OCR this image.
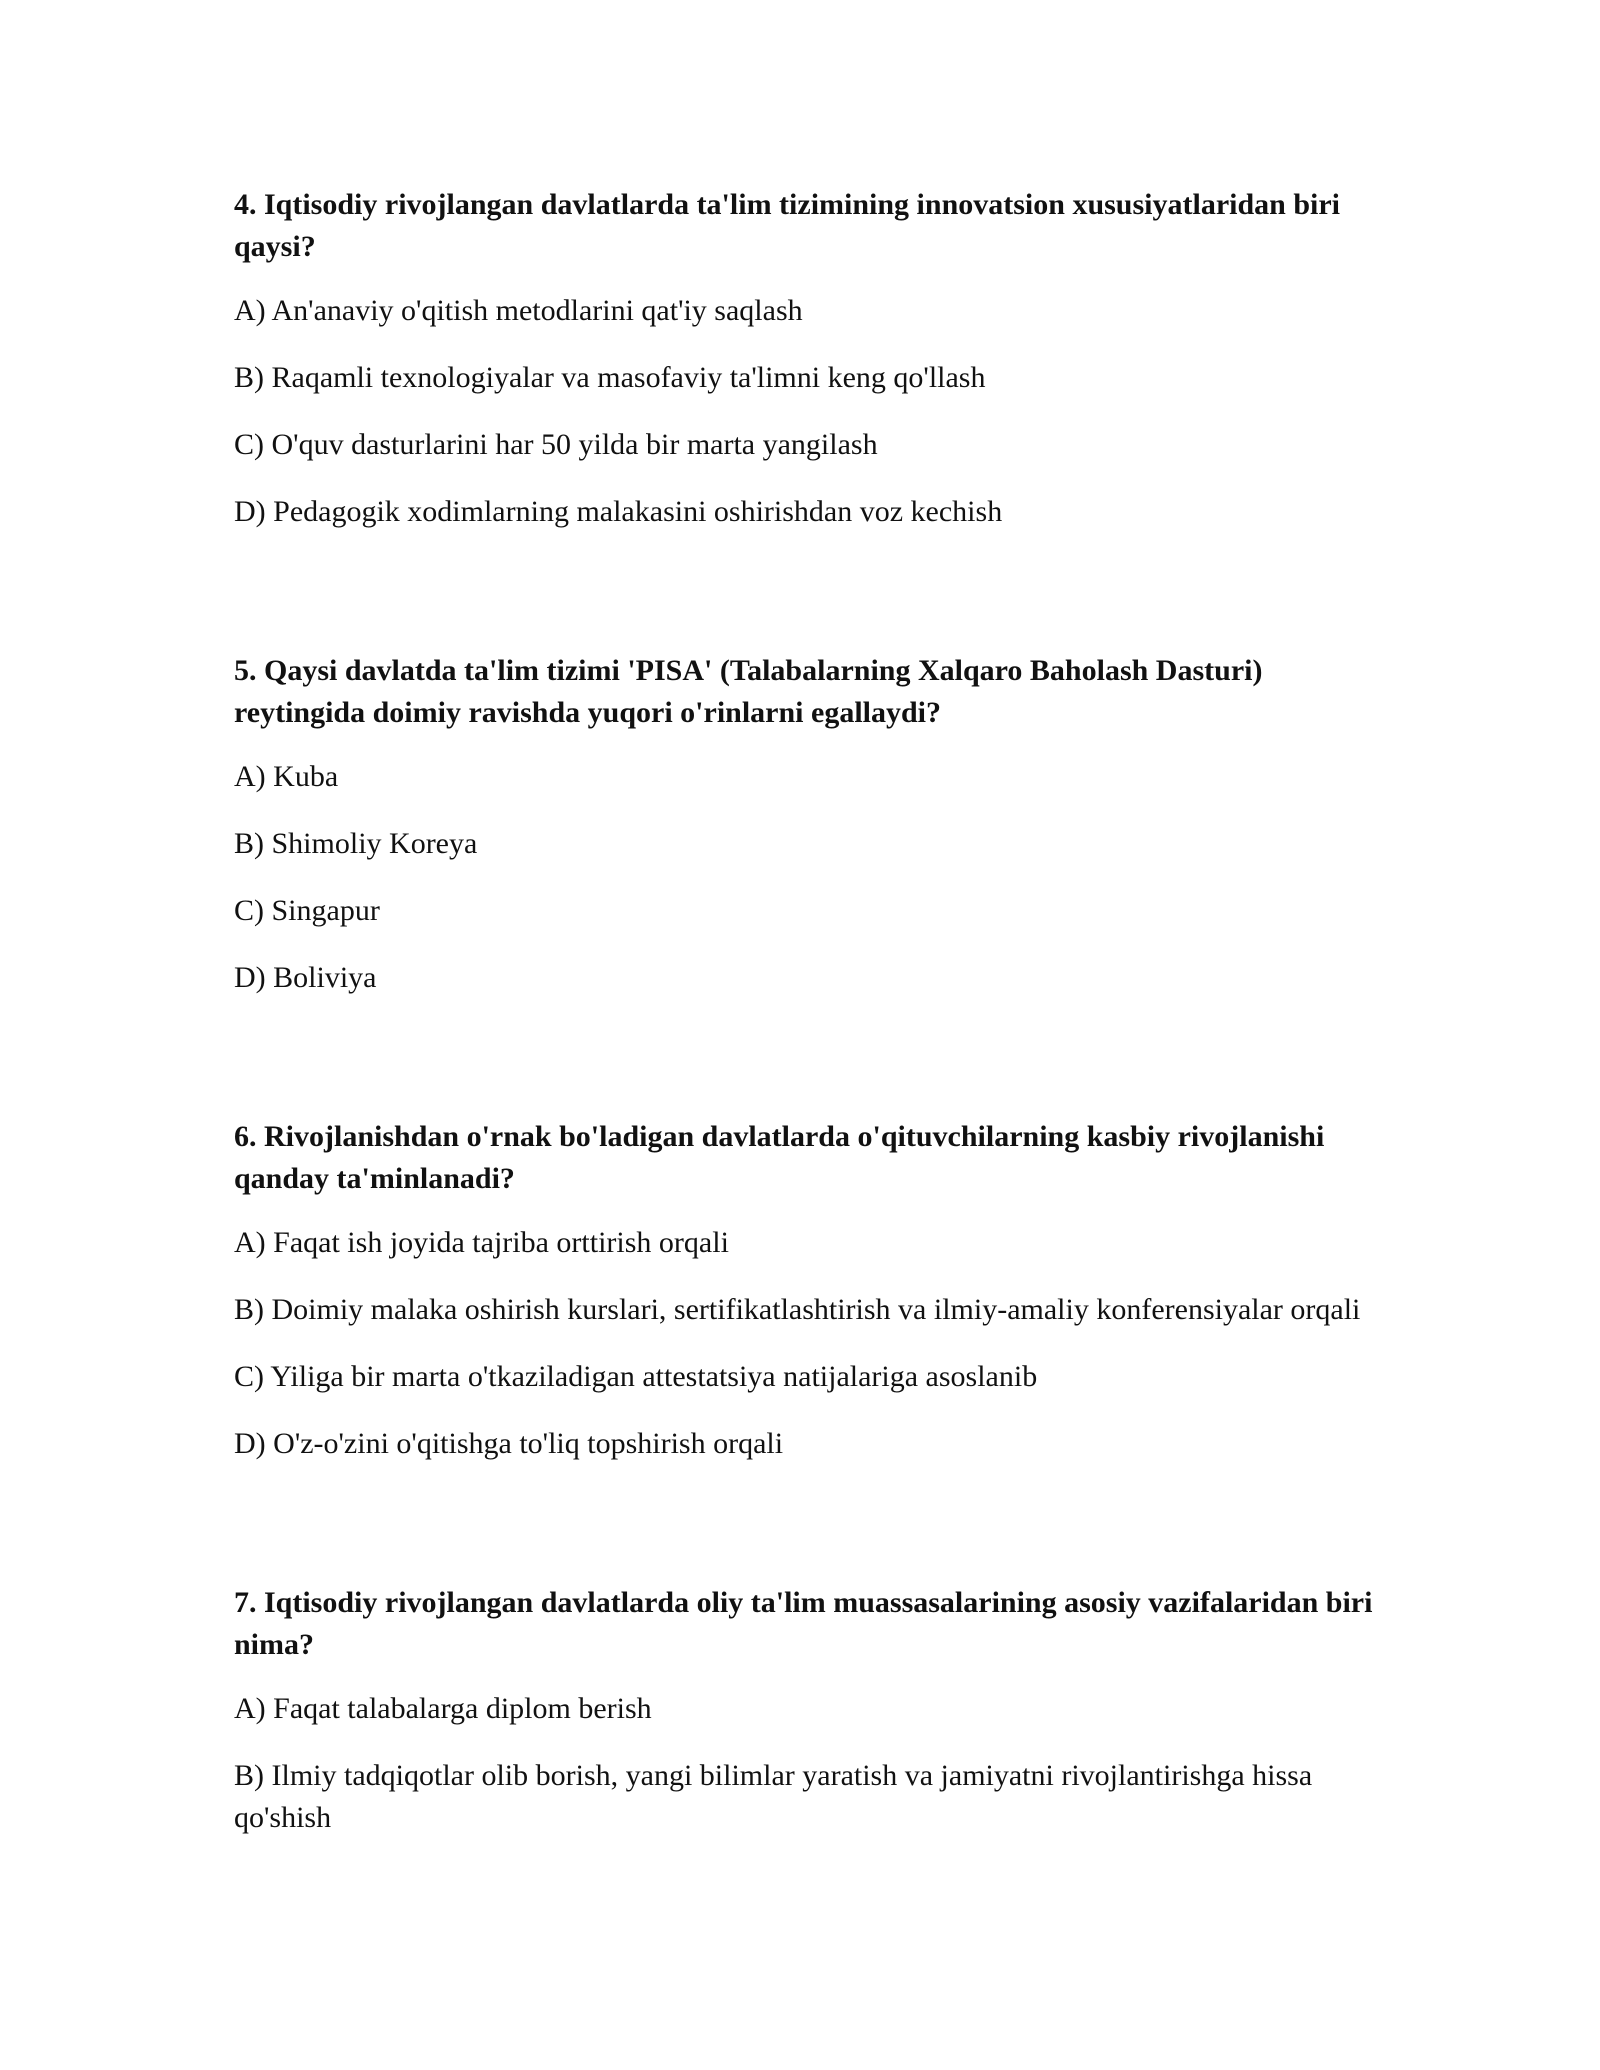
4. Iqtisodiy rivojlangan davlatlarda ta'lim tizimining innovatsion xususiyatlaridan biri qaysi?

A) An'anaviy o'qitish metodlarini qat'iy saqlash

B) Raqamli texnologiyalar va masofaviy ta'limni keng qo'llash

C) O'quv dasturlarini har 50 yilda bir marta yangilash

D) Pedagogik xodimlarning malakasini oshirishdan voz kechish

5. Qaysi davlatda ta'lim tizimi 'PISA' (Talabalarning Xalqaro Baholash Dasturi) reytingida doimiy ravishda yuqori o'rinlarni egallaydi?

A) Kuba

B) Shimoliy Koreya

C) Singapur

D) Boliviya

6. Rivojlanishdan o'rnak bo'ladigan davlatlarda o'qituvchilarning kasbiy rivojlanishi qanday ta'minlanadi?

A) Faqat ish joyida tajriba orttirish orqali

B) Doimiy malaka oshirish kurslari, sertifikatlashtirish va ilmiy-amaliy konferensiyalar orqali

C) Yiliga bir marta o'tkaziladigan attestatsiya natijalariga asoslanib

D) O'z-o'zini o'qitishga to'liq topshirish orqali

7. Iqtisodiy rivojlangan davlatlarda oliy ta'lim muassasalarining asosiy vazifalaridan biri nima?

A) Faqat talabalarga diplom berish

B) Ilmiy tadqiqotlar olib borish, yangi bilimlar yaratish va jamiyatni rivojlantirishga hissa qo'shish
